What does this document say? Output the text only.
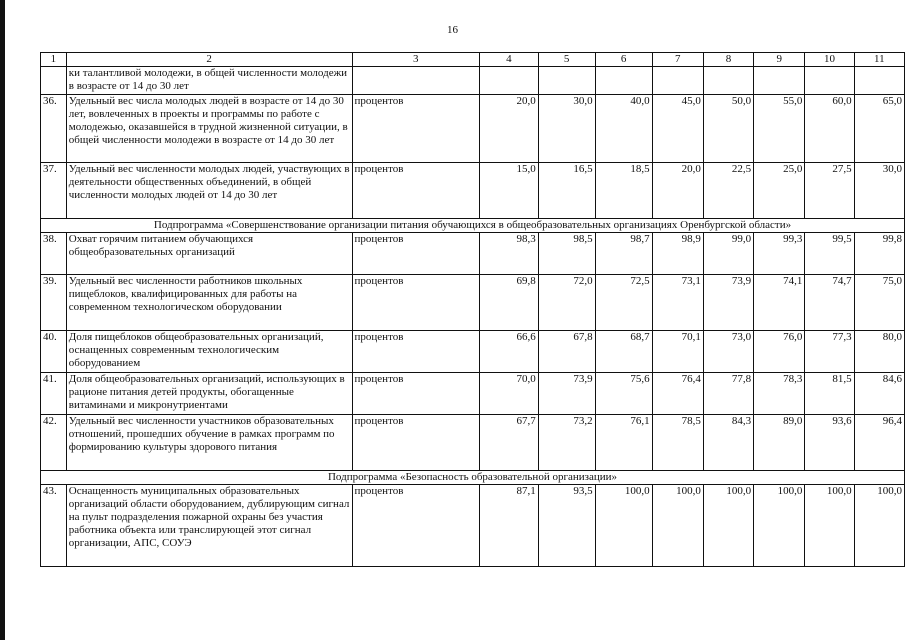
16
1	2	3	4	5	6	7	8	9	10	11
	ки талантливой молодежи, в общей численности молодежи в возрасте от 14 до 30 лет									
36.	Удельный вес числа молодых людей в возрасте от 14 до 30 лет, вовлеченных в проекты и программы по работе с молодежью, оказавшейся в трудной жизненной ситуации, в общей численности молодежи в возрасте от 14 до 30 лет	процентов	20,0	30,0	40,0	45,0	50,0	55,0	60,0	65,0
37.	Удельный вес численности молодых людей, участвующих в деятельности общественных объединений, в общей численности молодых людей от 14 до 30 лет	процентов	15,0	16,5	18,5	20,0	22,5	25,0	27,5	30,0
Подпрограмма «Совершенствование организации питания обучающихся в общеобразовательных организациях Оренбургской области»										
38.	Охват горячим питанием обучающихся общеобразовательных организаций	процентов	98,3	98,5	98,7	98,9	99,0	99,3	99,5	99,8
39.	Удельный вес численности работников школьных пищеблоков, квалифицированных для работы на современном технологическом оборудовании	процентов	69,8	72,0	72,5	73,1	73,9	74,1	74,7	75,0
40.	Доля пищеблоков общеобразовательных организаций, оснащенных современным технологическим оборудованием	процентов	66,6	67,8	68,7	70,1	73,0	76,0	77,3	80,0
41.	Доля общеобразовательных организаций, использующих в рационе питания детей продукты, обогащенные витаминами и микронутриентами	процентов	70,0	73,9	75,6	76,4	77,8	78,3	81,5	84,6
42.	Удельный вес численности участников образовательных отношений, прошедших обучение в рамках программ по формированию культуры здорового питания	процентов	67,7	73,2	76,1	78,5	84,3	89,0	93,6	96,4
Подпрограмма «Безопасность образовательной организации»										
43.	Оснащенность муниципальных образовательных организаций области оборудованием, дублирующим сигнал на пульт подразделения пожарной охраны без участия работника объекта или транслирующей этот сигнал организации, АПС, СОУЭ	процентов	87,1	93,5	100,0	100,0	100,0	100,0	100,0	100,0
